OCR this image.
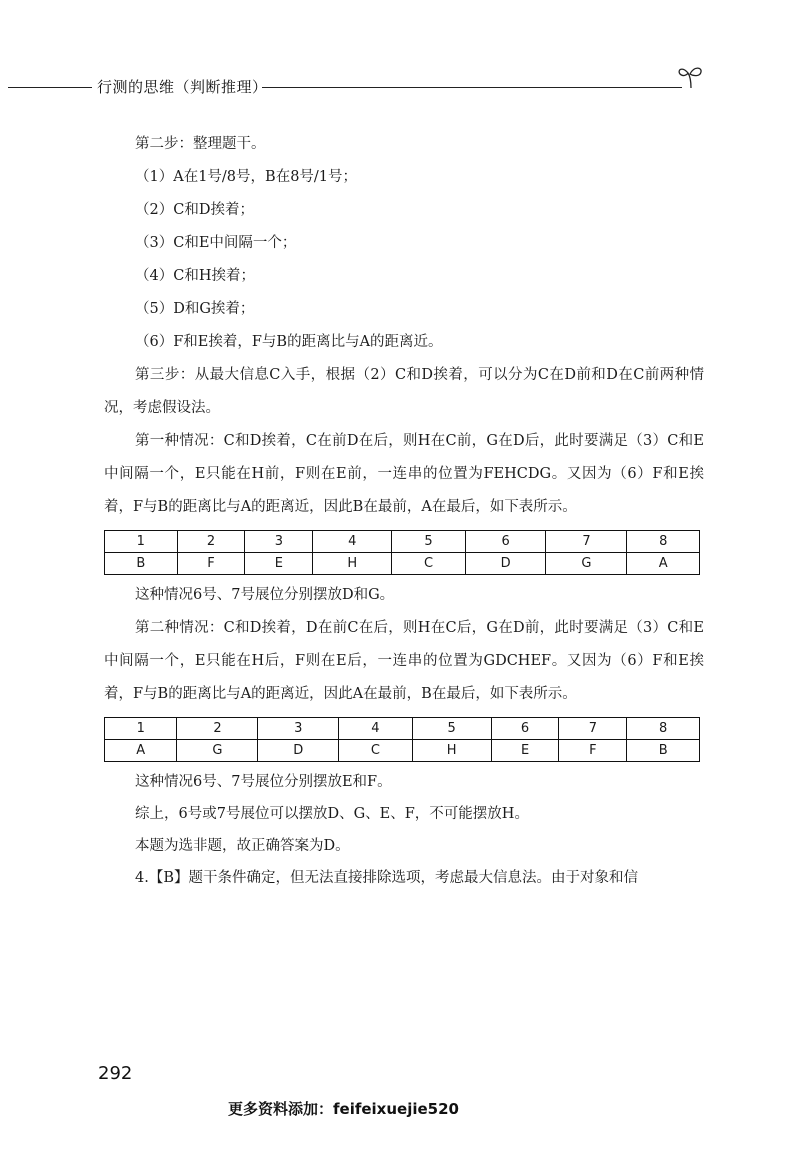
行测的思维（判断推理）

第二步：整理题干。

（1）A在1号/8号，B在8号/1号；

（2）C和D挨着；

（3）C和E中间隔一个；

（4）C和H挨着；

（5）D和G挨着；

（6）F和E挨着，F与B的距离比与A的距离近。

第三步：从最大信息C入手，根据（2）C和D挨着，可以分为C在D前和D在C前两种情况，考虑假设法。

第一种情况：C和D挨着，C在前D在后，则H在C前，G在D后，此时要满足（3）C和E中间隔一个，E只能在H前，F则在E前，一连串的位置为FEHCDG。又因为（6）F和E挨着，F与B的距离比与A的距离近，因此B在最前，A在最后，如下表所示。

1	2	3	4	5	6	7	8
B	F	E	H	C	D	G	A

这种情况6号、7号展位分别摆放D和G。

第二种情况：C和D挨着，D在前C在后，则H在C后，G在D前，此时要满足（3）C和E中间隔一个，E只能在H后，F则在E后，一连串的位置为GDCHEF。又因为（6）F和E挨着，F与B的距离比与A的距离近，因此A在最前，B在最后，如下表所示。

1	2	3	4	5	6	7	8
A	G	D	C	H	E	F	B

这种情况6号、7号展位分别摆放E和F。

综上，6号或7号展位可以摆放D、G、E、F，不可能摆放H。

本题为选非题，故正确答案为D。

4.【B】题干条件确定，但无法直接排除选项，考虑最大信息法。由于对象和信

292
更多资料添加：feifeixuejie520
